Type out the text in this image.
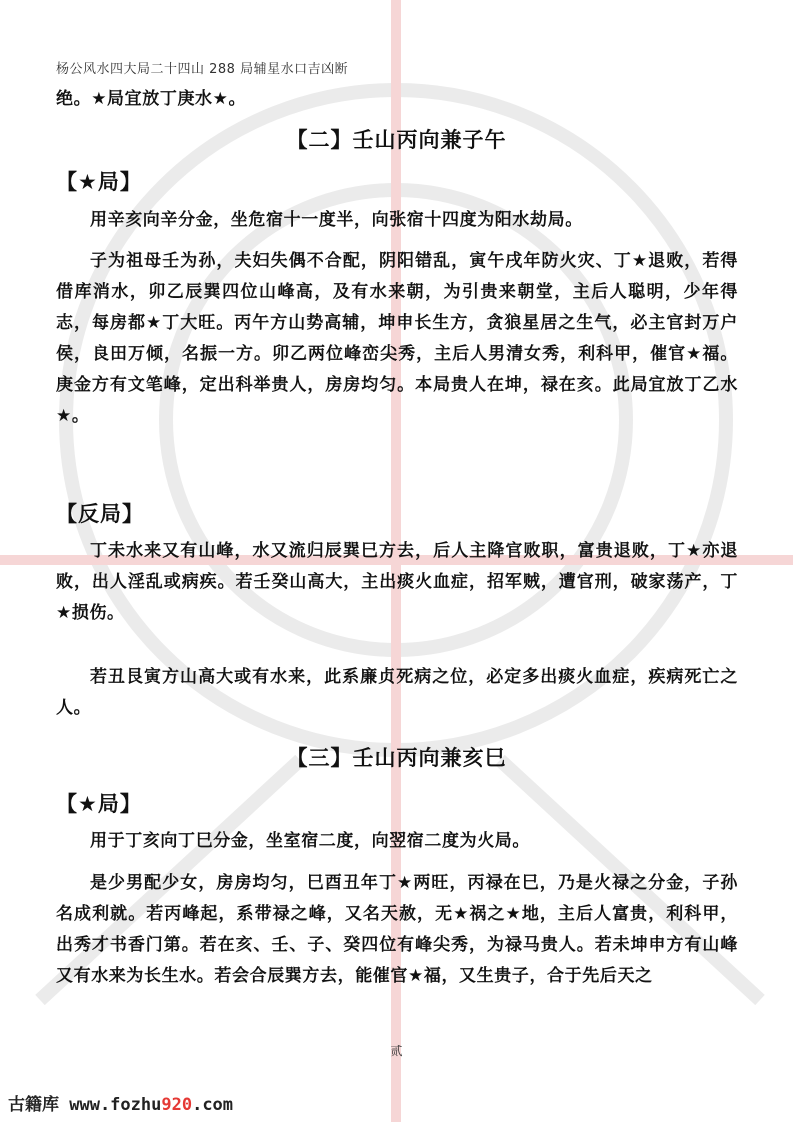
杨公风水四大局二十四山 288 局辅星水口吉凶断

绝。★局宜放丁庚水★。

【二】壬山丙向兼子午
【★局】

用辛亥向辛分金，坐危宿十一度半，向张宿十四度为阳水劫局。

子为祖母壬为孙，夫妇失偶不合配，阴阳错乱，寅午戌年防火灾、丁★退败，若得借库消水，卯乙辰巽四位山峰高，及有水来朝，为引贵来朝堂，主后人聪明，少年得志，每房都★丁大旺。丙午方山势高辅，坤申长生方，贪狼星居之生气，必主官封万户侯，良田万倾，名振一方。卯乙两位峰峦尖秀，主后人男清女秀，利科甲，催官★福。庚金方有文笔峰，定出科举贵人，房房均匀。本局贵人在坤，禄在亥。此局宜放丁乙水★。

【反局】

丁未水来又有山峰，水又流归辰巽巳方去，后人主降官败职，富贵退败，丁★亦退败，出人淫乱或病疾。若壬癸山高大，主出痰火血症，招军贼，遭官刑，破家荡产，丁★损伤。

若丑艮寅方山高大或有水来，此系廉贞死病之位，必定多出痰火血症，疾病死亡之人。

【三】壬山丙向兼亥巳
【★局】

用于丁亥向丁巳分金，坐室宿二度，向翌宿二度为火局。

是少男配少女，房房均匀，巳酉丑年丁★两旺，丙禄在巳，乃是火禄之分金，子孙名成利就。若丙峰起，系带禄之峰，又名天赦，无★祸之★地，主后人富贵，利科甲，出秀才书香门第。若在亥、壬、子、癸四位有峰尖秀，为禄马贵人。若未坤申方有山峰又有水来为长生水。若会合辰巽方去，能催官★福，又生贵子，合于先后天之

贰
古籍库 www.fozhu920.com
